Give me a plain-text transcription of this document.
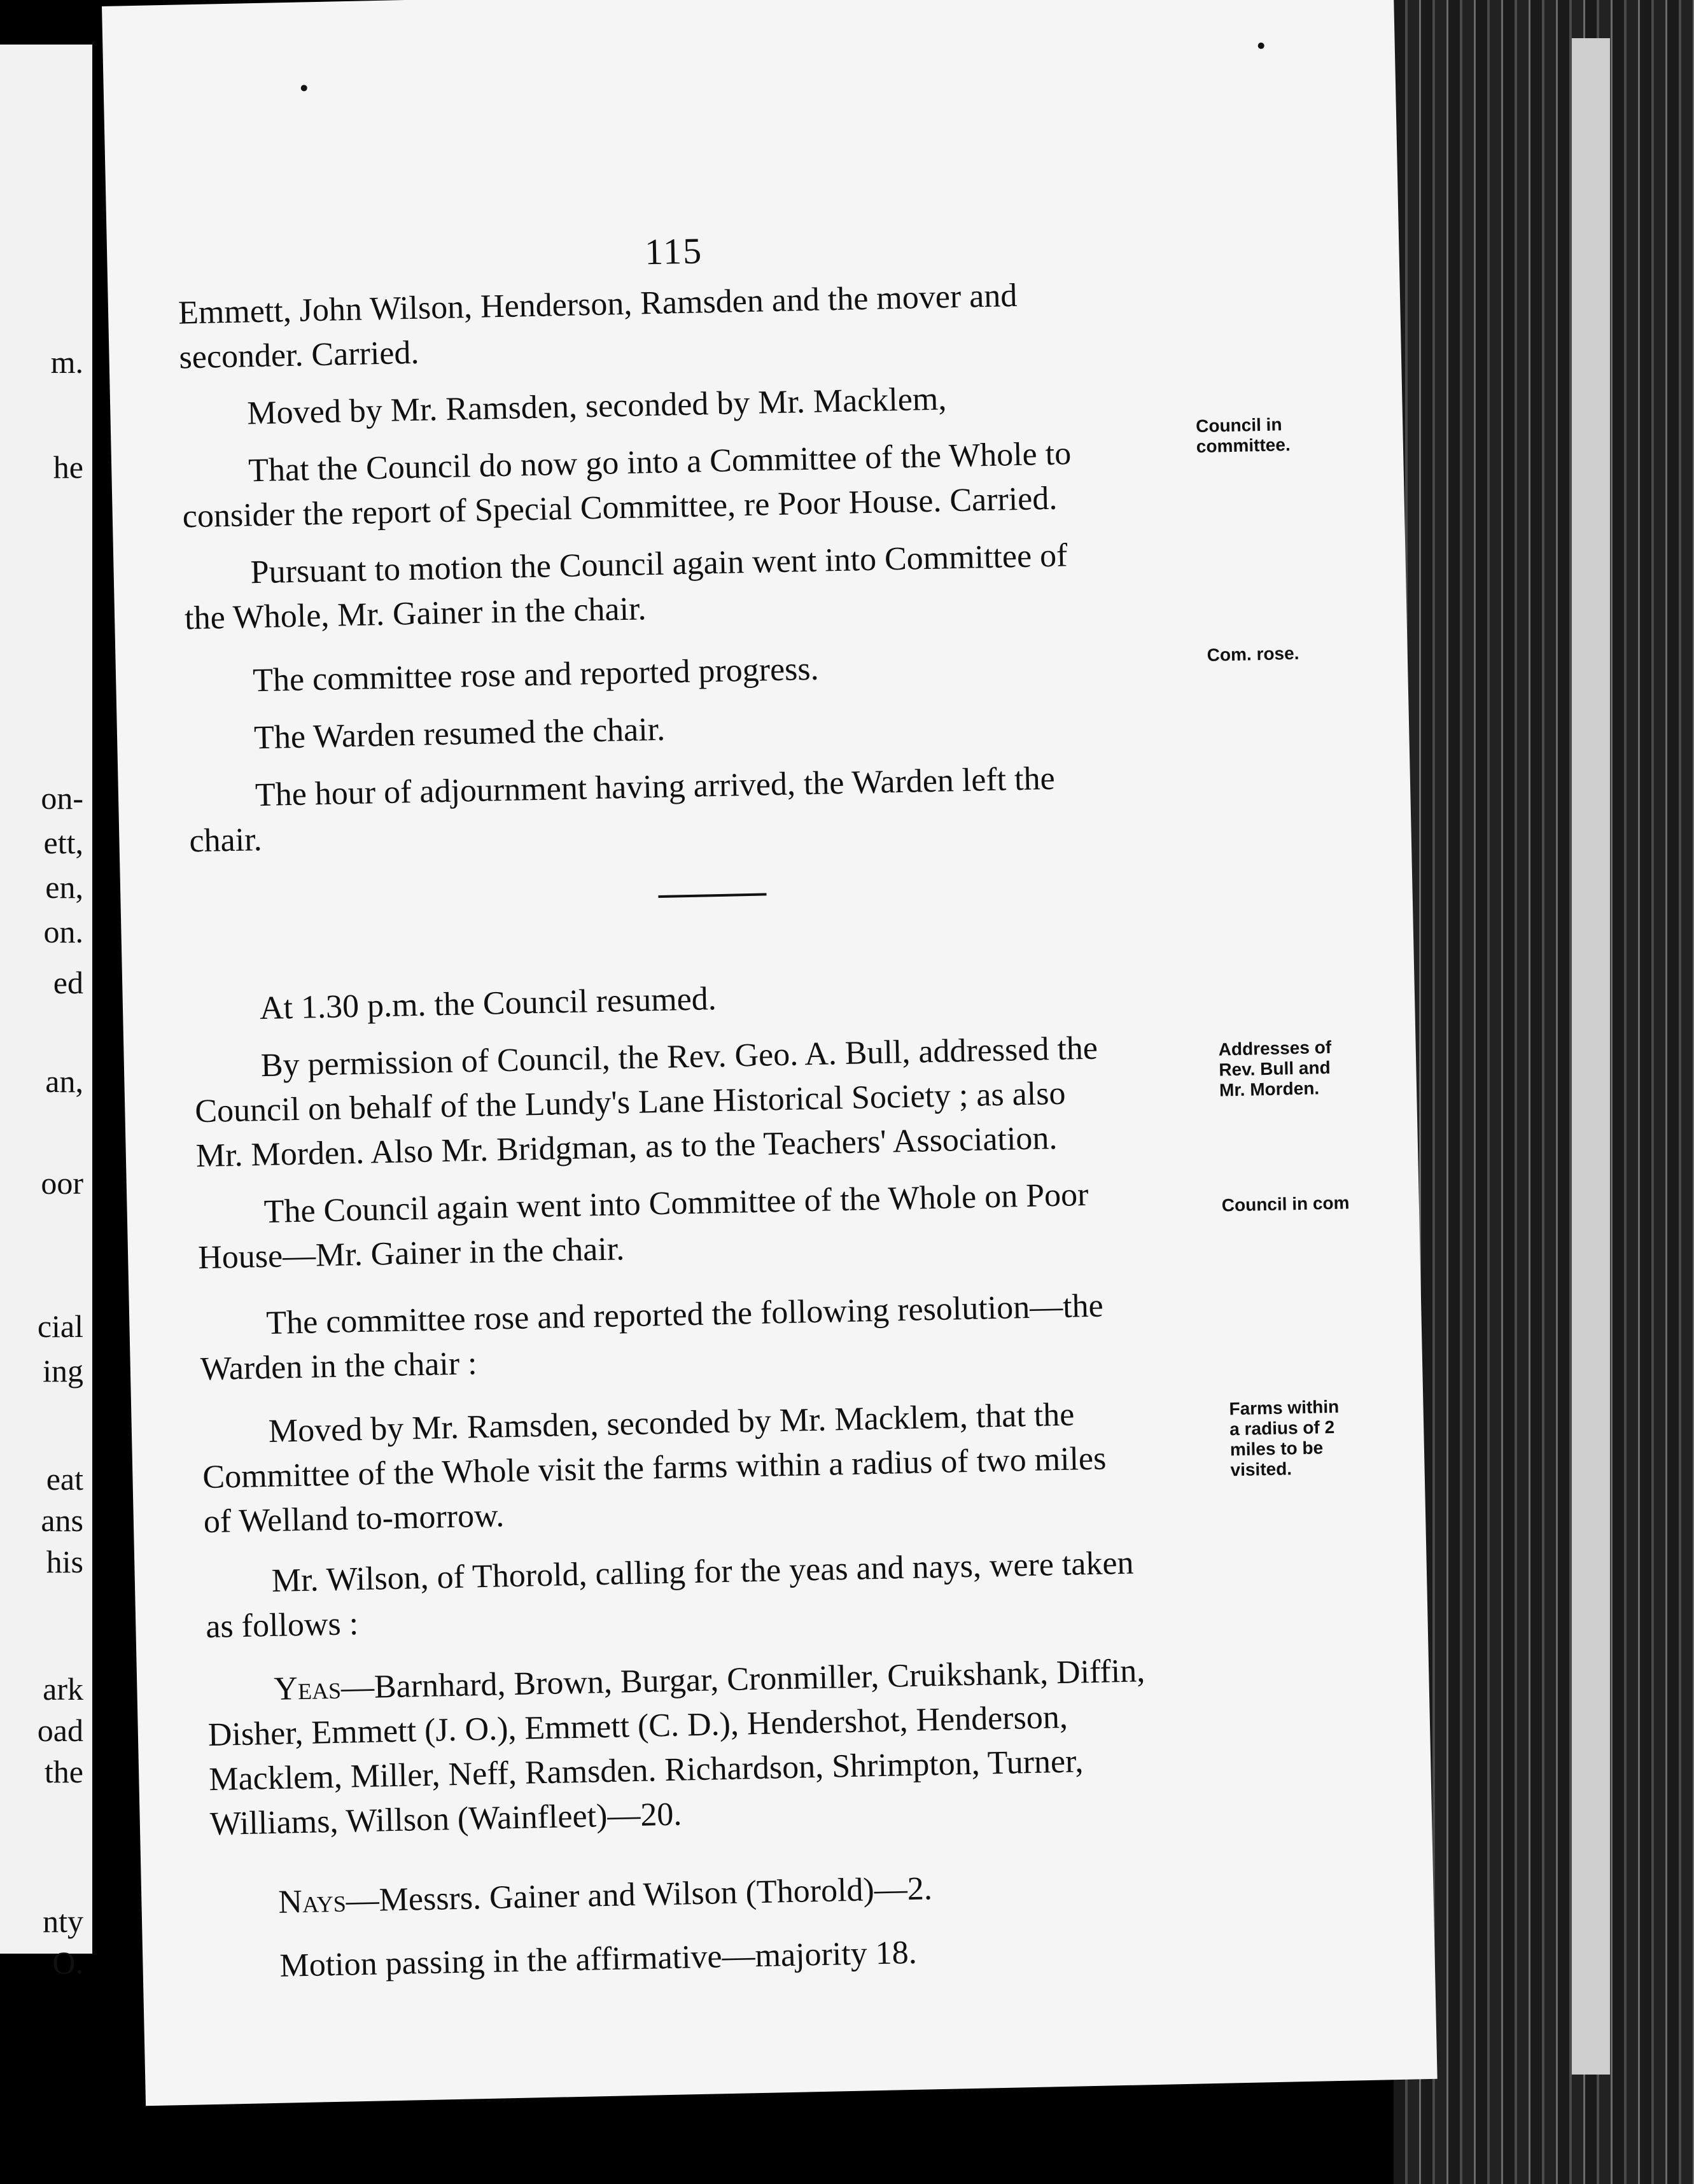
m.
he
on-
ett,
en,
on.
ed
an,
oor
cial
ing
eat
ans
his
ark
oad
the
nty
O.
115
Emmett, John Wilson, Henderson, Ramsden and the mover and
seconder. Carried.
Moved by Mr. Ramsden, seconded by Mr. Macklem,
That the Council do now go into a Committee of the Whole to
consider the report of Special Committee, re Poor House. Carried.
Pursuant to motion the Council again went into Committee of
the Whole, Mr. Gainer in the chair.
The committee rose and reported progress.
The Warden resumed the chair.
The hour of adjournment having arrived, the Warden left the
chair.
At 1.30 p.m. the Council resumed.
By permission of Council, the Rev. Geo. A. Bull, addressed the
Council on behalf of the Lundy's Lane Historical Society ; as also
Mr. Morden. Also Mr. Bridgman, as to the Teachers' Association.
The Council again went into Committee of the Whole on Poor
House—Mr. Gainer in the chair.
The committee rose and reported the following resolution—the
Warden in the chair :
Moved by Mr. Ramsden, seconded by Mr. Macklem, that the
Committee of the Whole visit the farms within a radius of two miles
of Welland to-morrow.
Mr. Wilson, of Thorold, calling for the yeas and nays, were taken
as follows :
Yeas—Barnhard, Brown, Burgar, Cronmiller, Cruikshank, Diffin,
Disher, Emmett (J. O.), Emmett (C. D.), Hendershot, Henderson,
Macklem, Miller, Neff, Ramsden. Richardson, Shrimpton, Turner,
Williams, Willson (Wainfleet)—20.
Nays—Messrs. Gainer and Wilson (Thorold)—2.
Motion passing in the affirmative—majority 18.
Council in
committee.
Com. rose.
Addresses of
Rev. Bull and
Mr. Morden.
Council in com
Farms within
a radius of 2
miles to be
visited.
